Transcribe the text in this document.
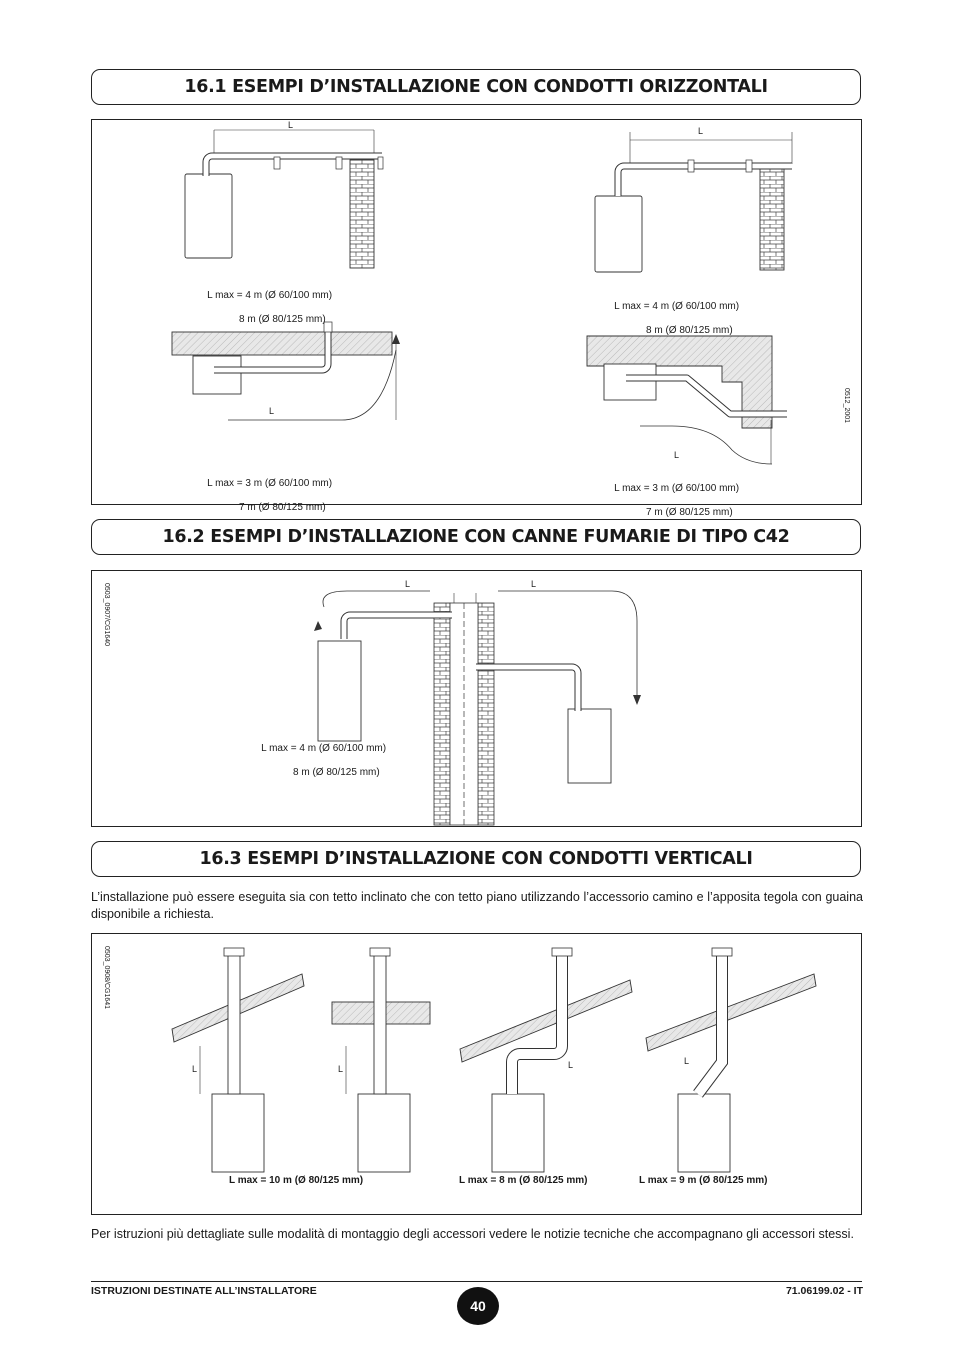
16.1 ESEMPI D’INSTALLAZIONE CON CONDOTTI ORIZZONTALI
L
L
L
L

L max = 4 m (Ø 60/100 mm)

8 m (Ø 80/125 mm)

L max = 4 m (Ø 60/100 mm)

8 m (Ø 80/125 mm)

L max = 3 m (Ø 60/100 mm)

7 m (Ø 80/125 mm)

L max = 3 m (Ø 60/100 mm)

7 m (Ø 80/125 mm)

0512_2001
16.2 ESEMPI D’INSTALLAZIONE CON CANNE FUMARIE DI TIPO C42
L	L

L max = 4 m (Ø 60/100 mm)

8 m (Ø 80/125 mm)

0503_0907/CG1640
16.3 ESEMPI D’INSTALLAZIONE CON CONDOTTI VERTICALI
L’installazione può essere eseguita sia con tetto inclinato che con tetto piano utilizzando l’accessorio camino e l’apposita tegola con guaina disponibile a richiesta.
L	L	L	L
L max = 10 m (Ø 80/125 mm)	L max = 8 m (Ø 80/125 mm)	L max = 9 m (Ø 80/125 mm)
0503_0908/CG1641
Per istruzioni più dettagliate sulle modalità di montaggio degli accessori vedere le notizie tecniche che accompagnano gli accessori stessi.
ISTRUZIONI DESTINATE ALL’INSTALLATORE
40
71.06199.02 - IT
